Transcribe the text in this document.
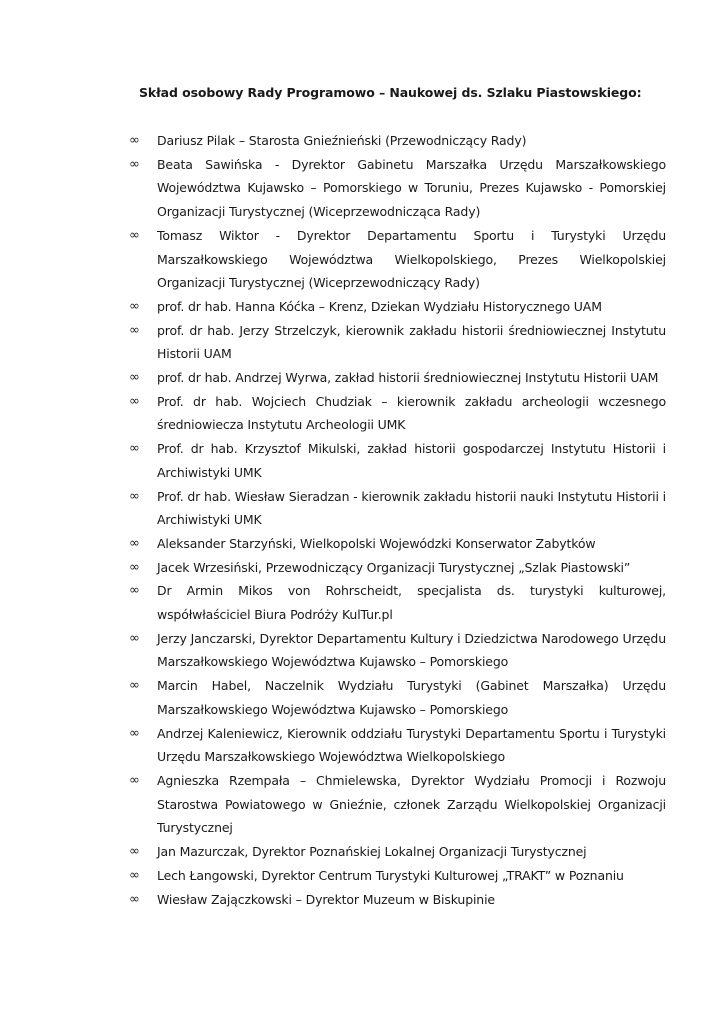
Skład osobowy Rady Programowo – Naukowej ds. Szlaku Piastowskiego:
∞ Dariusz Pilak – Starosta Gnieźnieński (Przewodniczący Rady)
∞ Beata Sawińska - Dyrektor Gabinetu Marszałka Urzędu Marszałkowskiego Województwa Kujawsko – Pomorskiego w Toruniu, Prezes Kujawsko - Pomorskiej Organizacji Turystycznej (Wiceprzewodnicząca Rady)
∞ Tomasz Wiktor - Dyrektor Departamentu Sportu i Turystyki Urzędu Marszałkowskiego Województwa Wielkopolskiego, Prezes Wielkopolskiej Organizacji Turystycznej (Wiceprzewodniczący Rady)
∞ prof. dr hab. Hanna Kóćka – Krenz, Dziekan Wydziału Historycznego UAM
∞ prof. dr hab. Jerzy Strzelczyk, kierownik zakładu historii średniowiecznej Instytutu Historii UAM
∞ prof. dr hab. Andrzej Wyrwa, zakład historii średniowiecznej Instytutu Historii UAM
∞ Prof. dr hab. Wojciech Chudziak – kierownik zakładu archeologii wczesnego średniowiecza Instytutu Archeologii UMK
∞ Prof. dr hab. Krzysztof Mikulski, zakład historii gospodarczej Instytutu Historii i Archiwistyki UMK
∞ Prof. dr hab. Wiesław Sieradzan - kierownik zakładu historii nauki Instytutu Historii i Archiwistyki UMK
∞ Aleksander Starzyński, Wielkopolski Wojewódzki Konserwator Zabytków
∞ Jacek Wrzesiński, Przewodniczący Organizacji Turystycznej „Szlak Piastowski”
∞ Dr Armin Mikos von Rohrscheidt, specjalista ds. turystyki kulturowej, współwłaściciel Biura Podróży KulTur.pl
∞ Jerzy Janczarski, Dyrektor Departamentu Kultury i Dziedzictwa Narodowego Urzędu Marszałkowskiego Województwa Kujawsko – Pomorskiego
∞ Marcin Habel, Naczelnik Wydziału Turystyki (Gabinet Marszałka) Urzędu Marszałkowskiego Województwa Kujawsko – Pomorskiego
∞ Andrzej Kaleniewicz, Kierownik oddziału Turystyki Departamentu Sportu i Turystyki Urzędu Marszałkowskiego Województwa Wielkopolskiego
∞ Agnieszka Rzempała – Chmielewska, Dyrektor Wydziału Promocji i Rozwoju Starostwa Powiatowego w Gnieźnie, członek Zarządu Wielkopolskiej Organizacji Turystycznej
∞ Jan Mazurczak, Dyrektor Poznańskiej Lokalnej Organizacji Turystycznej
∞ Lech Łangowski, Dyrektor Centrum Turystyki Kulturowej „TRAKT” w Poznaniu
∞ Wiesław Zajączkowski – Dyrektor Muzeum w Biskupinie
